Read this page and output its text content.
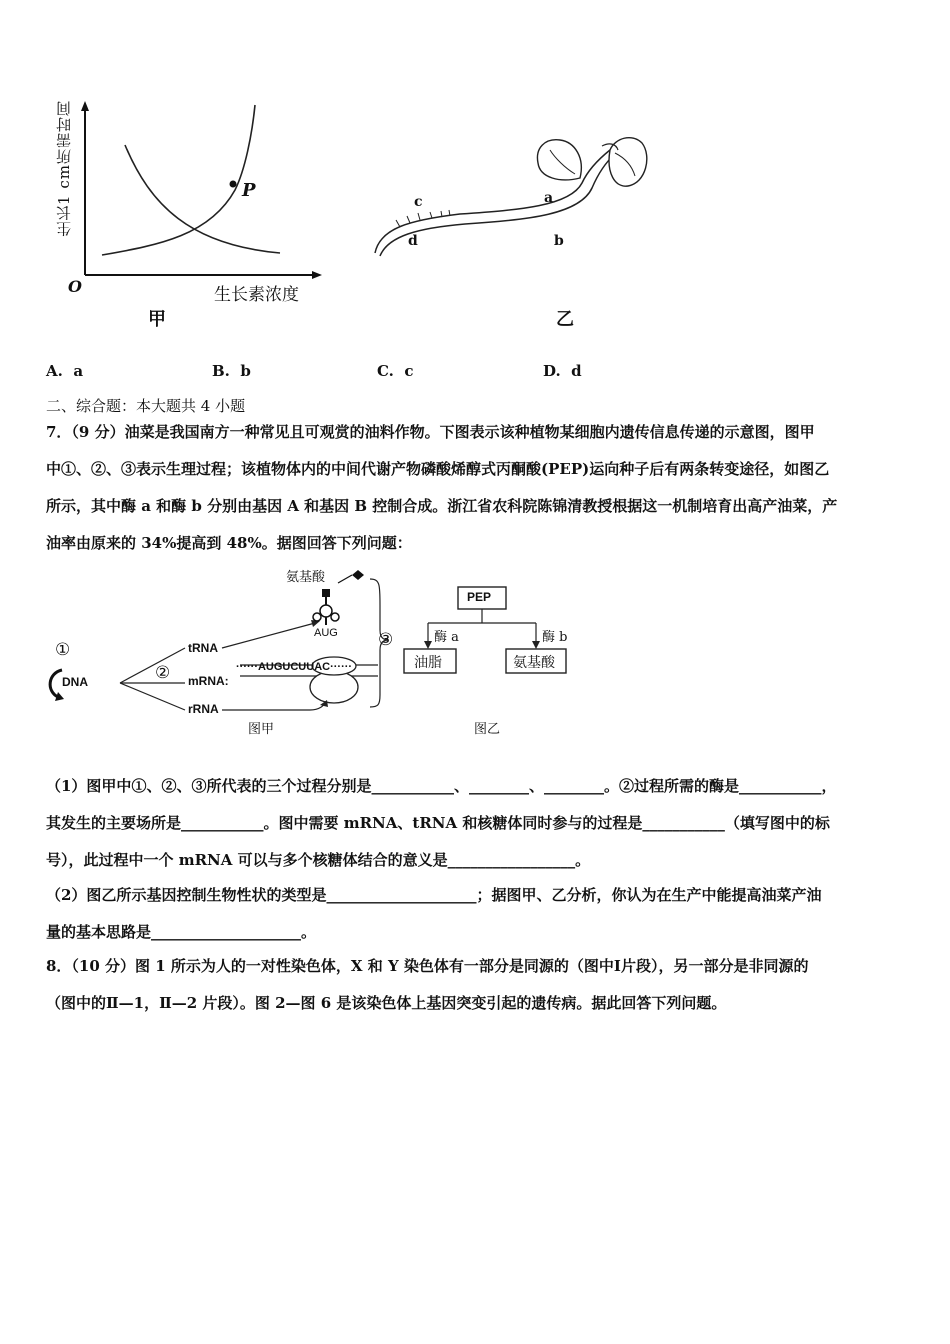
生长1 cm所需时间
生长素浓度
O
P
甲
a
b
c
d
乙
A. a	B. b	C. c	D. d
二、综合题：本大题共 4 小题
7．（9 分）油菜是我国南方一种常见且可观赏的油料作物。下图表示该种植物某细胞内遗传信息传递的示意图，图甲
中①、②、③表示生理过程；该植物体内的中间代谢产物磷酸烯醇式丙酮酸(PEP)运向种子后有两条转变途径，如图乙
所示，其中酶 a 和酶 b 分别由基因 A 和基因 B 控制合成。浙江省农科院陈锦清教授根据这一机制培育出高产油菜，产
油率由原来的 34%提高到 48%。据图回答下列问题：
氨基酸
AUG
······AUGUCUUAC······
DNA
tRNA
mRNA:
rRNA
①
②
③
图甲
PEP
酶 a	酶 b
油脂	氨基酸
图乙
（1）图甲中①、②、③所代表的三个过程分别是___________、________、________。②过程所需的酶是___________，
其发生的主要场所是___________。图中需要 mRNA、tRNA 和核糖体同时参与的过程是___________（填写图中的标
号），此过程中一个 mRNA 可以与多个核糖体结合的意义是_________________。
（2）图乙所示基因控制生物性状的类型是____________________；据图甲、乙分析，你认为在生产中能提高油菜产油
量的基本思路是____________________。
8．（10 分）图 1 所示为人的一对性染色体，X 和 Y 染色体有一部分是同源的（图中Ⅰ片段），另一部分是非同源的
（图中的Ⅱ—1，Ⅱ—2 片段）。图 2—图 6 是该染色体上基因突变引起的遗传病。据此回答下列问题。
